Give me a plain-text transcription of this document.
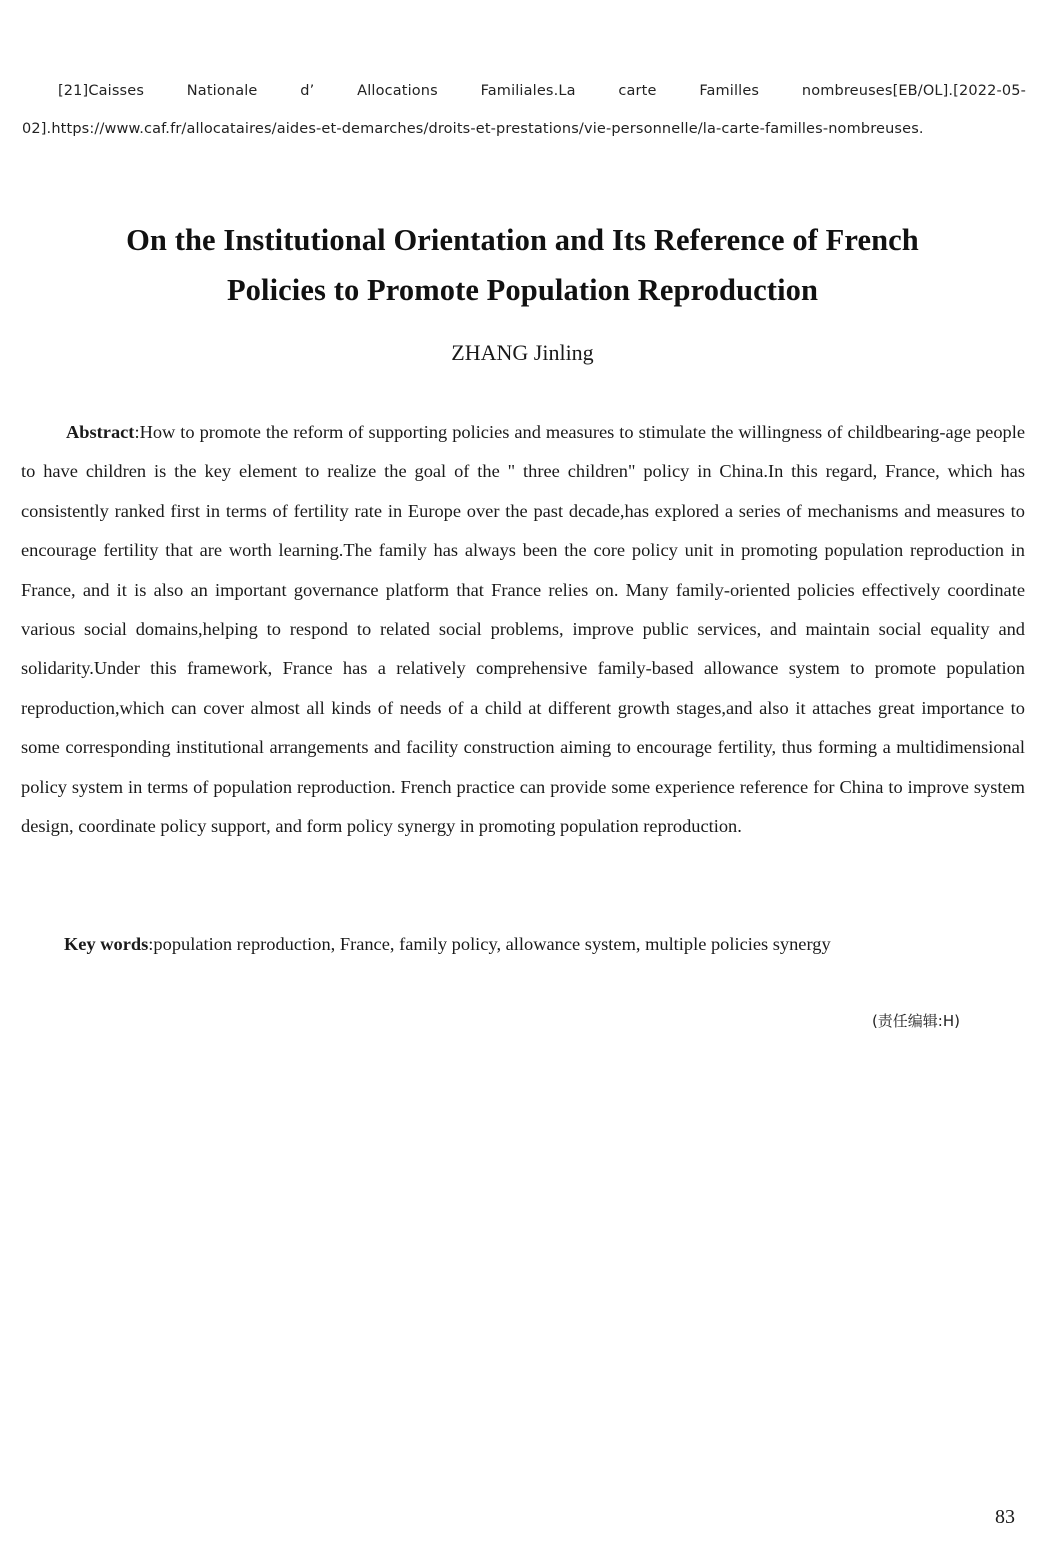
[21]Caisses Nationale d’ Allocations Familiales.La carte Familles nombreuses[EB/OL].[2022-05-02].https://www.caf.fr/allocataires/aides-et-demarches/droits-et-prestations/vie-personnelle/la-carte-familles-nombreuses.
On the Institutional Orientation and Its Reference of French
Policies to Promote Population Reproduction
ZHANG Jinling
Abstract:How to promote the reform of supporting policies and measures to stimulate the willingness of childbearing-age people to have children is the key element to realize the goal of the " three children" policy in China.In this regard, France, which has consistently ranked first in terms of fertility rate in Europe over the past decade,has explored a series of mechanisms and measures to encourage fertility that are worth learning.The family has always been the core policy unit in promoting population reproduction in France, and it is also an important governance platform that France relies on. Many family-oriented policies effectively coordinate various social domains,helping to respond to related social problems, improve public services, and maintain social equality and solidarity.Under this framework, France has a relatively comprehensive family-based allowance system to promote population reproduction,which can cover almost all kinds of needs of a child at different growth stages,and also it attaches great importance to some corresponding institutional arrangements and facility construction aiming to encourage fertility, thus forming a multidimensional policy system in terms of population reproduction. French practice can provide some experience reference for China to improve system design, coordinate policy support, and form policy synergy in promoting population reproduction.
Key words:population reproduction, France, family policy, allowance system, multiple policies synergy
(责任编辑:H)
83
